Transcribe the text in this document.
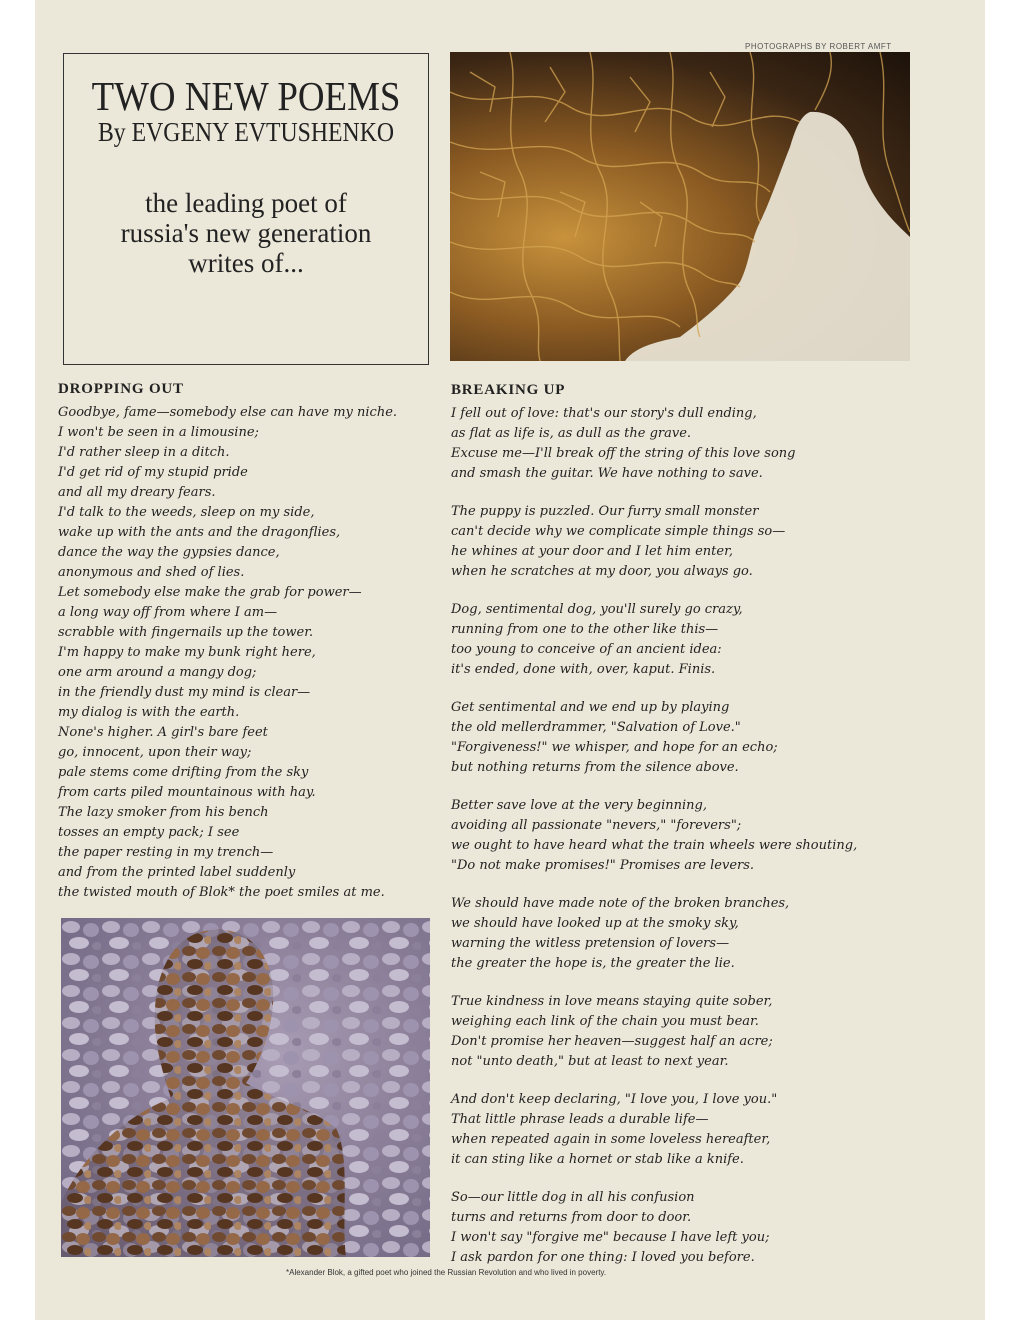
PHOTOGRAPHS BY ROBERT AMFT
TWO NEW POEMS
By EVGENY EVTUSHENKO
the leading poet of
russia's new generation
writes of...
DROPPING OUT
Goodbye, fame—somebody else can have my niche.
I won't be seen in a limousine;
I'd rather sleep in a ditch.
I'd get rid of my stupid pride
and all my dreary fears.
I'd talk to the weeds, sleep on my side,
wake up with the ants and the dragonflies,
dance the way the gypsies dance,
anonymous and shed of lies.
Let somebody else make the grab for power—
a long way off from where I am—
scrabble with fingernails up the tower.
I'm happy to make my bunk right here,
one arm around a mangy dog;
in the friendly dust my mind is clear—
my dialog is with the earth.
None's higher. A girl's bare feet
go, innocent, upon their way;
pale stems come drifting from the sky
from carts piled mountainous with hay.
The lazy smoker from his bench
tosses an empty pack; I see
the paper resting in my trench—
and from the printed label suddenly
the twisted mouth of Blok* the poet smiles at me.
BREAKING UP
I fell out of love: that's our story's dull ending,
as flat as life is, as dull as the grave.
Excuse me—I'll break off the string of this love song
and smash the guitar. We have nothing to save.
The puppy is puzzled. Our furry small monster
can't decide why we complicate simple things so—
he whines at your door and I let him enter,
when he scratches at my door, you always go.
Dog, sentimental dog, you'll surely go crazy,
running from one to the other like this—
too young to conceive of an ancient idea:
it's ended, done with, over, kaput. Finis.
Get sentimental and we end up by playing
the old mellerdrammer, "Salvation of Love."
"Forgiveness!" we whisper, and hope for an echo;
but nothing returns from the silence above.
Better save love at the very beginning,
avoiding all passionate "nevers," "forevers";
we ought to have heard what the train wheels were shouting,
"Do not make promises!" Promises are levers.
We should have made note of the broken branches,
we should have looked up at the smoky sky,
warning the witless pretension of lovers—
the greater the hope is, the greater the lie.
True kindness in love means staying quite sober,
weighing each link of the chain you must bear.
Don't promise her heaven—suggest half an acre;
not "unto death," but at least to next year.
And don't keep declaring, "I love you, I love you."
That little phrase leads a durable life—
when repeated again in some loveless hereafter,
it can sting like a hornet or stab like a knife.
So—our little dog in all his confusion
turns and returns from door to door.
I won't say "forgive me" because I have left you;
I ask pardon for one thing: I loved you before.
*Alexander Blok, a gifted poet who joined the Russian Revolution and who lived in poverty.
